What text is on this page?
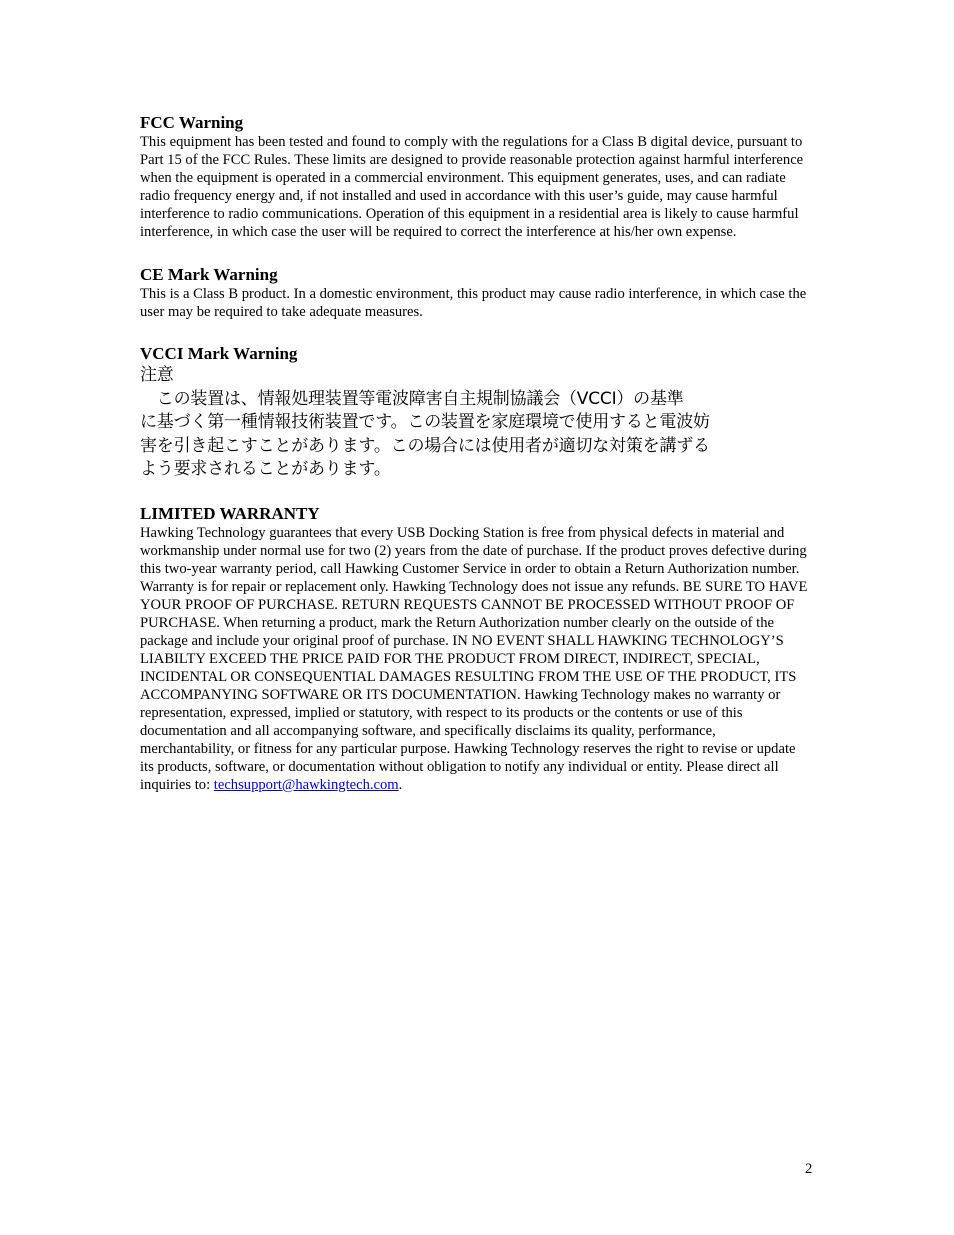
FCC Warning

This equipment has been tested and found to comply with the regulations for a Class B digital device, pursuant to Part 15 of the FCC Rules. These limits are designed to provide reasonable protection against harmful interference when the equipment is operated in a commercial environment. This equipment generates, uses, and can radiate radio frequency energy and, if not installed and used in accordance with this user’s guide, may cause harmful interference to radio communications. Operation of this equipment in a residential area is likely to cause harmful interference, in which case the user will be required to correct the interference at his/her own expense.

CE Mark Warning

This is a Class B product. In a domestic environment, this product may cause radio interference, in which case the user may be required to take adequate measures.

VCCI Mark Warning
注意
　この装置は、情報処理装置等電波障害自主規制協議会（VCCI）の基準
に基づく第一種情報技術装置です。この装置を家庭環境で使用すると電波妨
害を引き起こすことがあります。この場合には使用者が適切な対策を講ずる
よう要求されることがあります。
LIMITED WARRANTY

Hawking Technology guarantees that every USB Docking Station is free from physical defects in material and workmanship under normal use for two (2) years from the date of purchase. If the product proves defective during this two-year warranty period, call Hawking Customer Service in order to obtain a Return Authorization number. Warranty is for repair or replacement only. Hawking Technology does not issue any refunds. BE SURE TO HAVE YOUR PROOF OF PURCHASE. RETURN REQUESTS CANNOT BE PROCESSED WITHOUT PROOF OF PURCHASE. When returning a product, mark the Return Authorization number clearly on the outside of the package and include your original proof of purchase. IN NO EVENT SHALL HAWKING TECHNOLOGY’S LIABILTY EXCEED THE PRICE PAID FOR THE PRODUCT FROM DIRECT, INDIRECT, SPECIAL, INCIDENTAL OR CONSEQUENTIAL DAMAGES RESULTING FROM THE USE OF THE PRODUCT, ITS ACCOMPANYING SOFTWARE OR ITS DOCUMENTATION. Hawking Technology makes no warranty or representation, expressed, implied or statutory, with respect to its products or the contents or use of this documentation and all accompanying software, and specifically disclaims its quality, performance, merchantability, or fitness for any particular purpose. Hawking Technology reserves the right to revise or update its products, software, or documentation without obligation to notify any individual or entity. Please direct all inquiries to: techsupport@hawkingtech.com.

2
